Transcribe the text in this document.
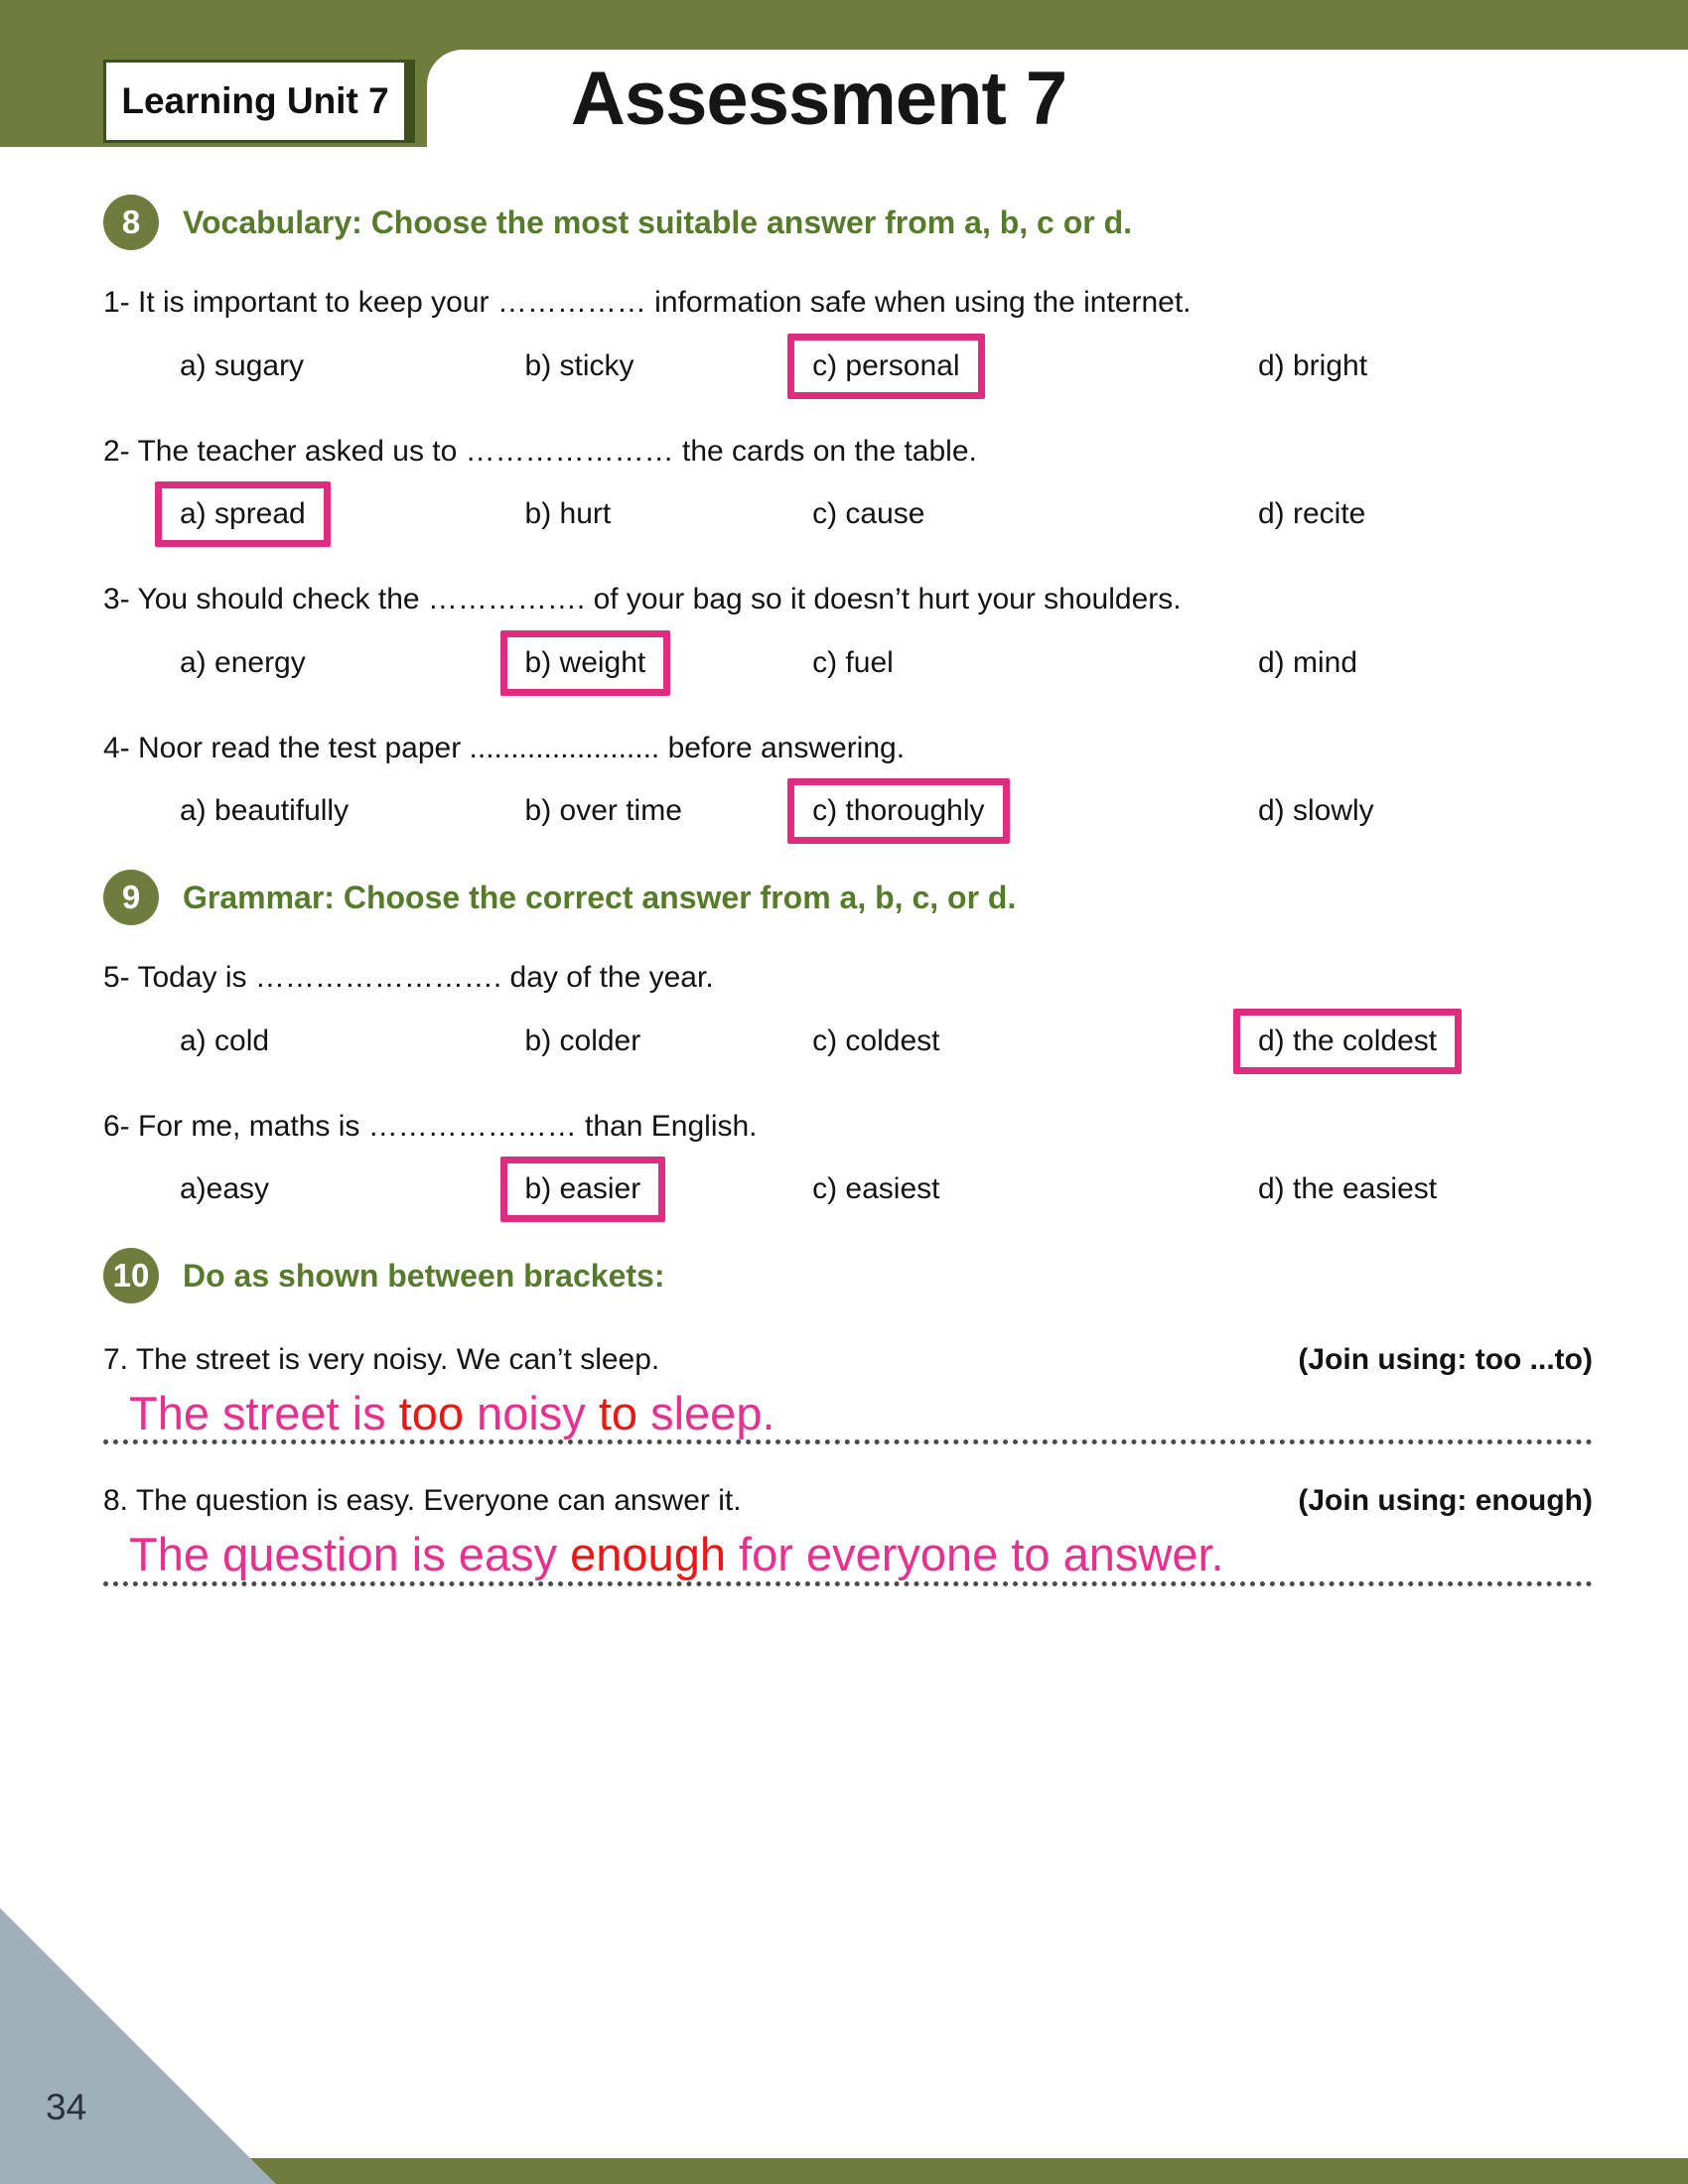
Learning Unit 7 Assessment 7
8	Vocabulary: Choose the most suitable answer from a, b, c or d.

1- It is important to keep your …………… information safe when using the internet.

a) sugary	b) sticky	c) personal	d) bright

2- The teacher asked us to ………………… the cards on the table.

a) spread	b) hurt	c) cause	d) recite

3- You should check the ……………. of your bag so it doesn’t hurt your shoulders.

a) energy	b) weight	c) fuel	d) mind

4- Noor read the test paper ....................... before answering.

a) beautifully	b) over time	c) thoroughly	d) slowly
9	Grammar: Choose the correct answer from a, b, c, or d.

5- Today is ……………………. day of the year.

a) cold	b) colder	c) coldest	d) the coldest

6- For me, maths is ………………… than English.

a)easy	b) easier	c) easiest	d) the easiest
10	Do as shown between brackets:
7. The street is very noisy. We can’t sleep.	(Join using: too ...to)
The street is too noisy to sleep.
8. The question is easy. Everyone can answer it.	(Join using: enough)
The question is easy enough for everyone to answer.
34
